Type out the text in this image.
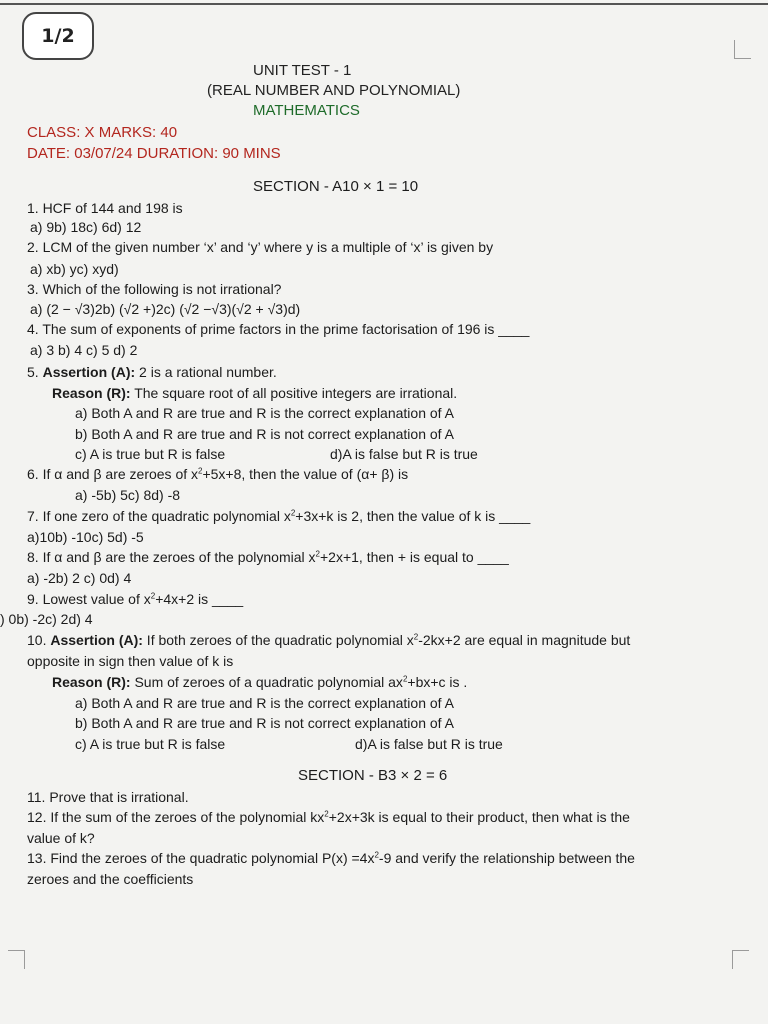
1/2
UNIT TEST - 1
(REAL NUMBER AND POLYNOMIAL)
MATHEMATICS
CLASS: X MARKS: 40
DATE: 03/07/24 DURATION: 90 MINS
SECTION - A10 × 1 = 10
1. HCF of 144 and 198 is
a) 9b) 18c) 6d) 12
2. LCM of the given number ‘x’ and ‘y’ where y is a multiple of ‘x’ is given by
a) xb) yc) xyd)
3. Which of the following is not irrational?
a) (2 − √3)2b) (√2 +)2c) (√2 −√3)(√2 + √3)d)
4. The sum of exponents of prime factors in the prime factorisation of 196 is ____
a) 3 b) 4 c) 5 d) 2
5. Assertion (A): 2 is a rational number.
Reason (R): The square root of all positive integers are irrational.
a) Both A and R are true and R is the correct explanation of A
b) Both A and R are true and R is not correct explanation of A
c) A is true but R is false	d)A is false but R is true
6. If α and β are zeroes of $x^2+5x+8$, then the value of (α+ β) is
a) -5b) 5c) 8d) -8
7. If one zero of the quadratic polynomial $x^2+3x+k$ is 2, then the value of k is ____
a)10b) -10c) 5d) -5
8. If α and β are the zeroes of the polynomial $x^2+2x+1$, then + is equal to ____
a) -2b) 2 c) 0d) 4
9. Lowest value of $x^2+4x+2$ is ____
) 0b) -2c) 2d) 4
10. Assertion (A): If both zeroes of the quadratic polynomial $x^2-2kx+2$ are equal in magnitude but
opposite in sign then value of k is
Reason (R): Sum of zeroes of a quadratic polynomial $ax^2+bx+c$ is .
a) Both A and R are true and R is the correct explanation of A
b) Both A and R are true and R is not correct explanation of A
c) A is true but R is false	d)A is false but R is true
SECTION - B3 × 2 = 6
11. Prove that is irrational.
12. If the sum of the zeroes of the polynomial $kx^2+2x+3k$ is equal to their product, then what is the
value of k?
13. Find the zeroes of the quadratic polynomial $P(x) =4x^2-9$ and verify the relationship between the
zeroes and the coefficients
